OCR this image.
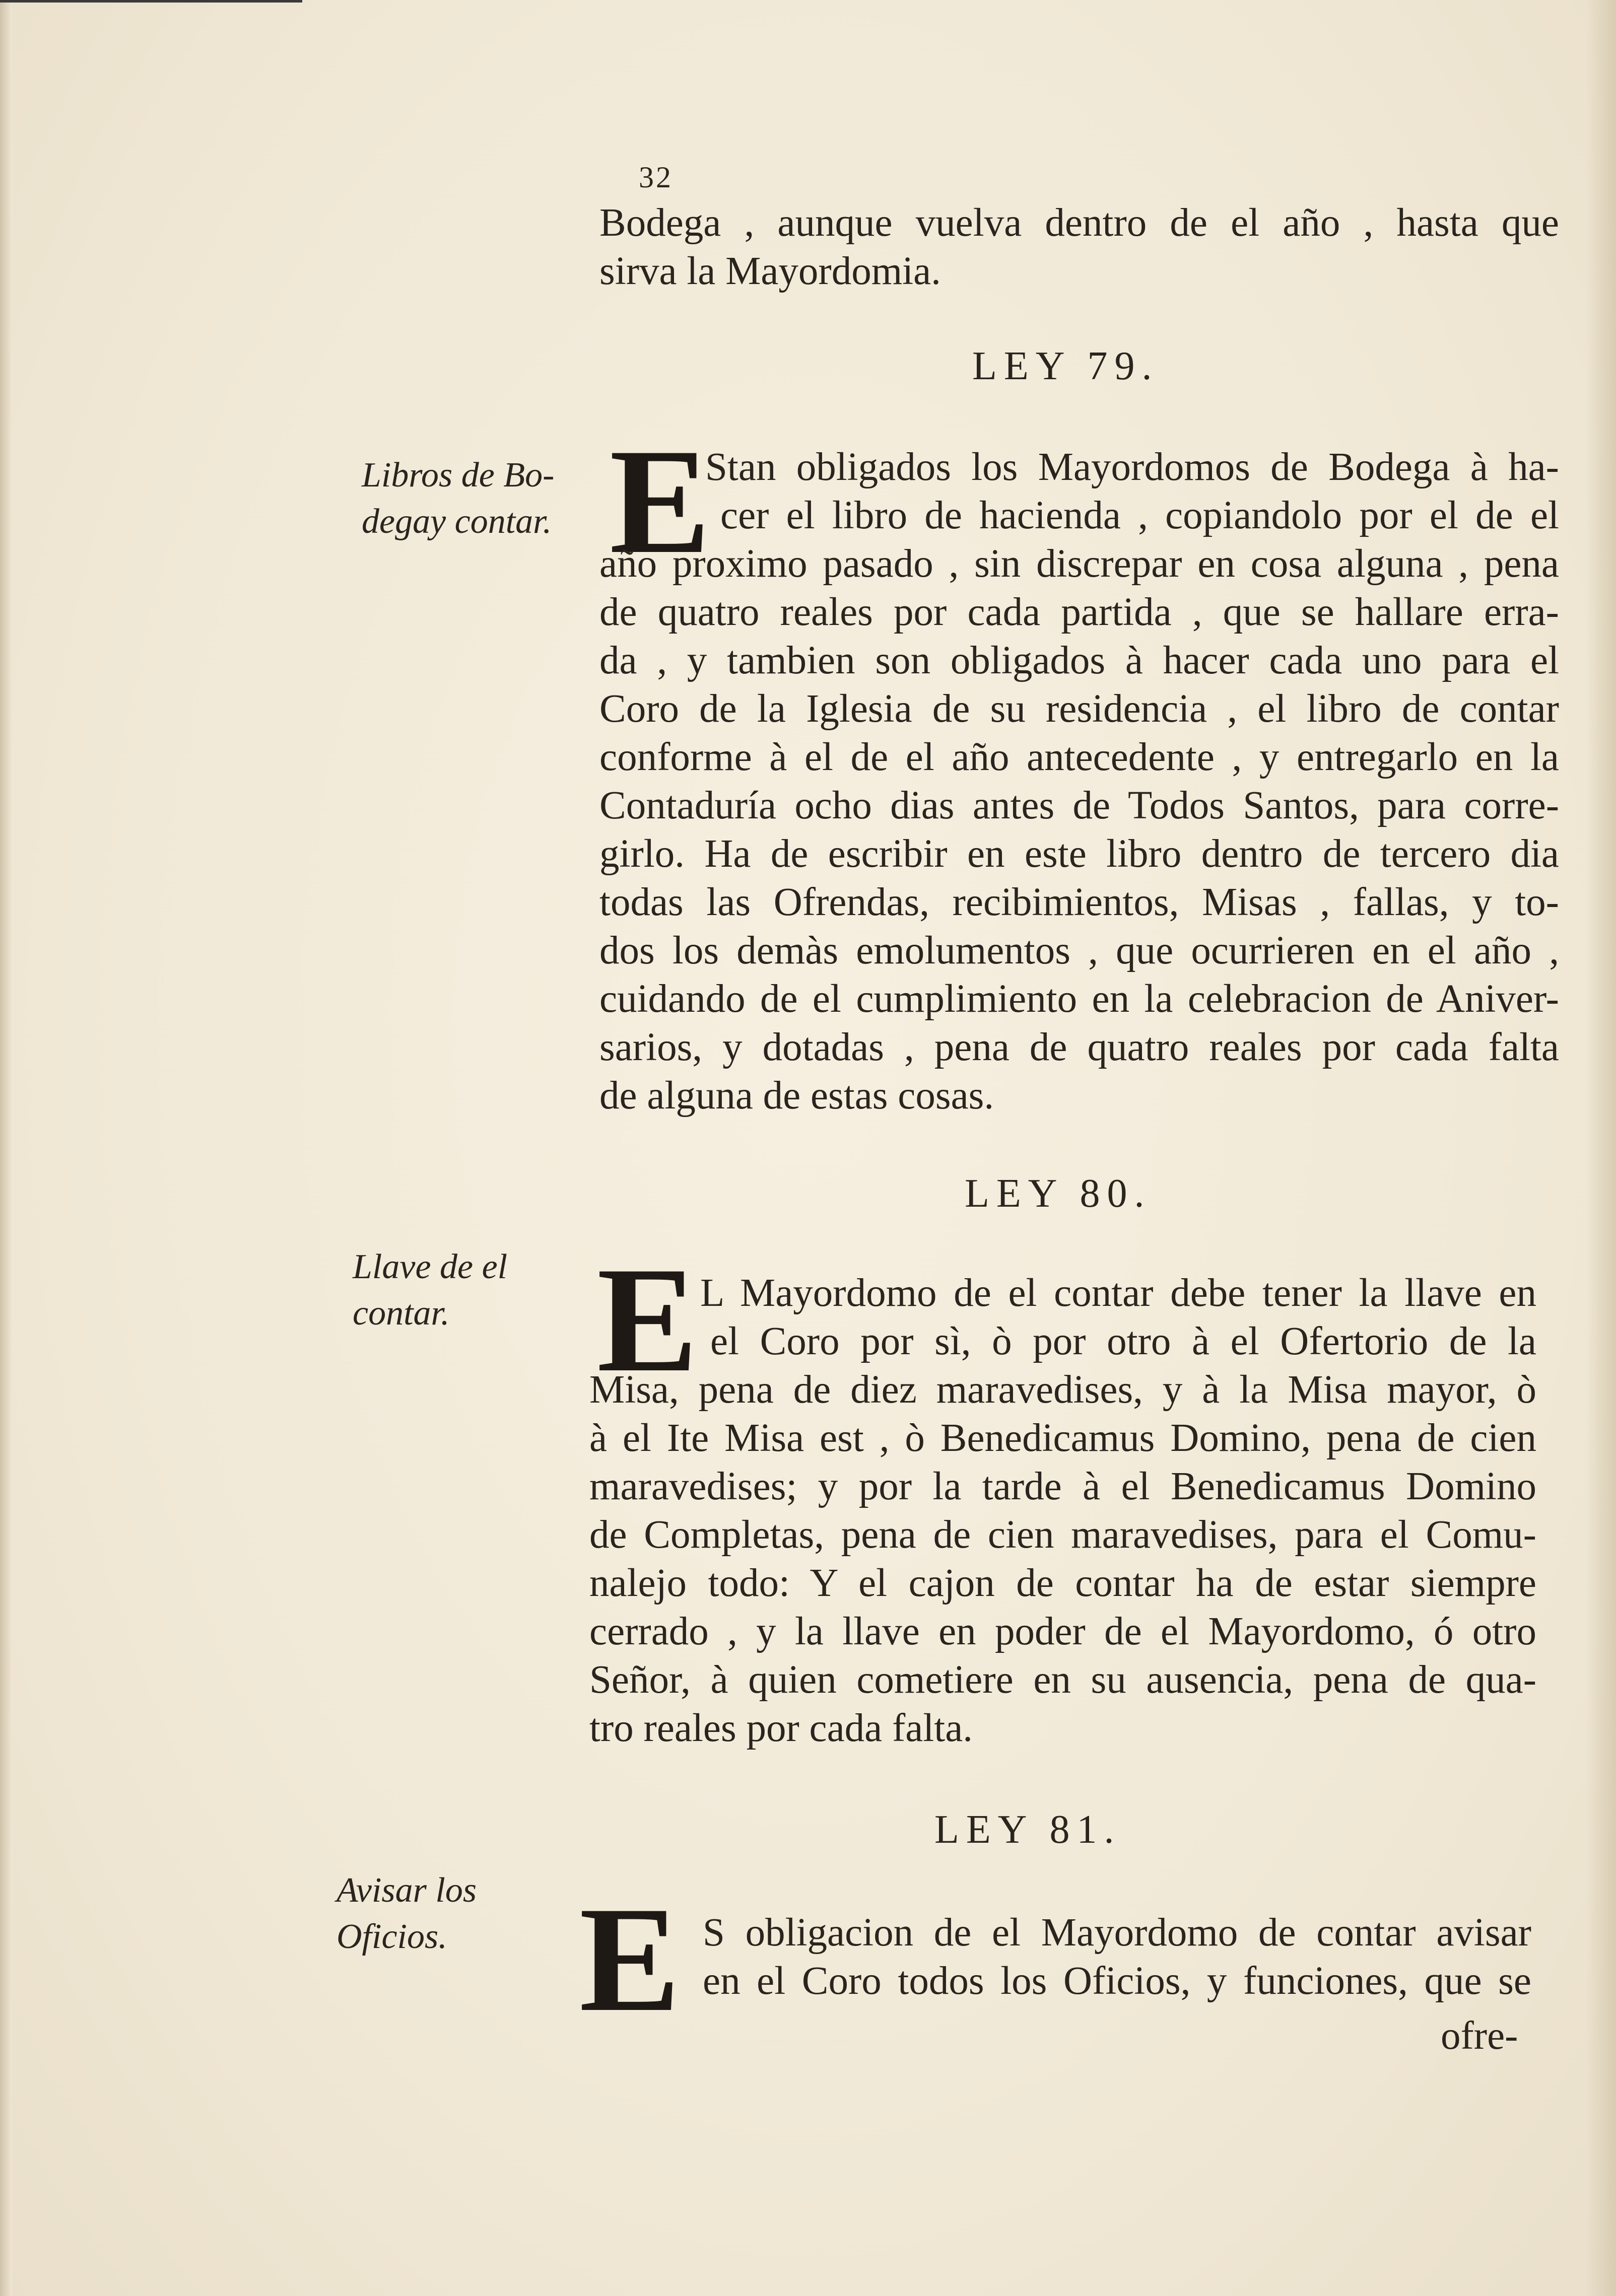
32
Bodega , aunque vuelva dentro de el año , hasta que
sirva la Mayordomia.
LEY 79.
Libros de Bo-
degay contar. E
Stan obligados los Mayordomos de Bodega à ha-
cer el libro de hacienda , copiandolo por el de el
año proximo pasado , sin discrepar en cosa alguna , pena
de quatro reales por cada partida , que se hallare erra-
da , y tambien son obligados à hacer cada uno para el
Coro de la Iglesia de su residencia , el libro de contar
conforme à el de el año antecedente , y entregarlo en la
Contaduría ocho dias antes de Todos Santos, para corre-
girlo. Ha de escribir en este libro dentro de tercero dia
todas las Ofrendas, recibimientos, Misas , fallas, y to-
dos los demàs emolumentos , que ocurrieren en el año ,
cuidando de el cumplimiento en la celebracion de Aniver-
sarios, y dotadas , pena de quatro reales por cada falta
de alguna de estas cosas.
LEY 80.
Llave de el
contar. E L Mayordomo de el contar debe tener la llave en
el Coro por sì, ò por otro à el Ofertorio de la
Misa, pena de diez maravedises, y à la Misa mayor, ò
à el Ite Misa est , ò Benedicamus Domino, pena de cien
maravedises; y por la tarde à el Benedicamus Domino
de Completas, pena de cien maravedises, para el Comu-
nalejo todo: Y el cajon de contar ha de estar siempre
cerrado , y la llave en poder de el Mayordomo, ó otro
Señor, à quien cometiere en su ausencia, pena de qua-
tro reales por cada falta.
LEY 81.
Avisar los
Oficios. E S obligacion de el Mayordomo de contar avisar
en el Coro todos los Oficios, y funciones, que se
ofre-
